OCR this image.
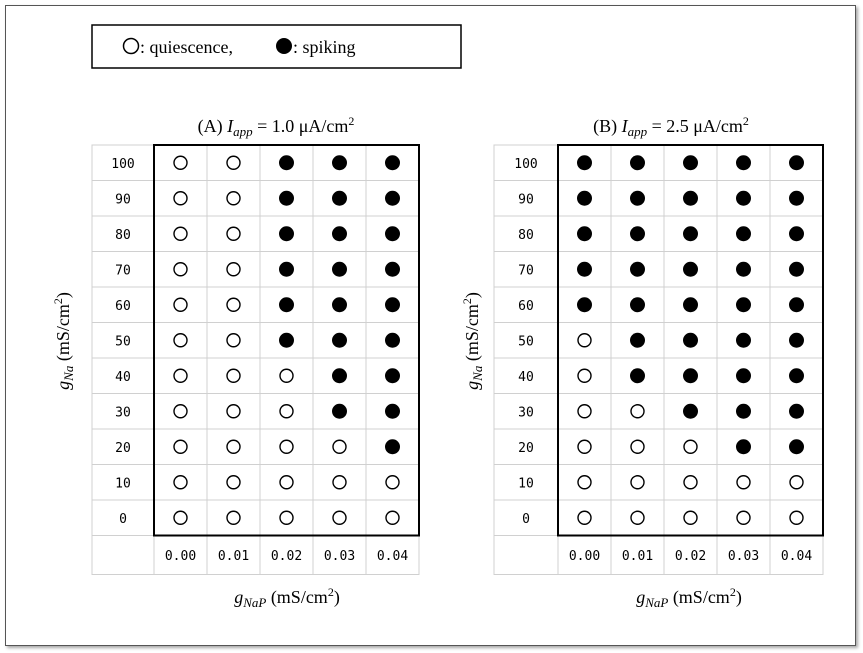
: quiescence,	: spiking
100
90
80
70
60
50
40
30
20
10
0
0.00 0.01 0.02 0.03 0.04
(A) $I_{app} = 1.0$ $\mu A/cm^2$
$g_{NaP}$ $(mS/cm^2)$
$g_{Na}$ $(mS/cm^2)$
100
90
80
70
60
50
40
30
20
10
0
0.00 0.01 0.02 0.03 0.04
(B) $I_{app} = 2.5$ $\mu A/cm^2$
$g_{NaP}$ $(mS/cm^2)$
$g_{Na}$ $(mS/cm^2)$
